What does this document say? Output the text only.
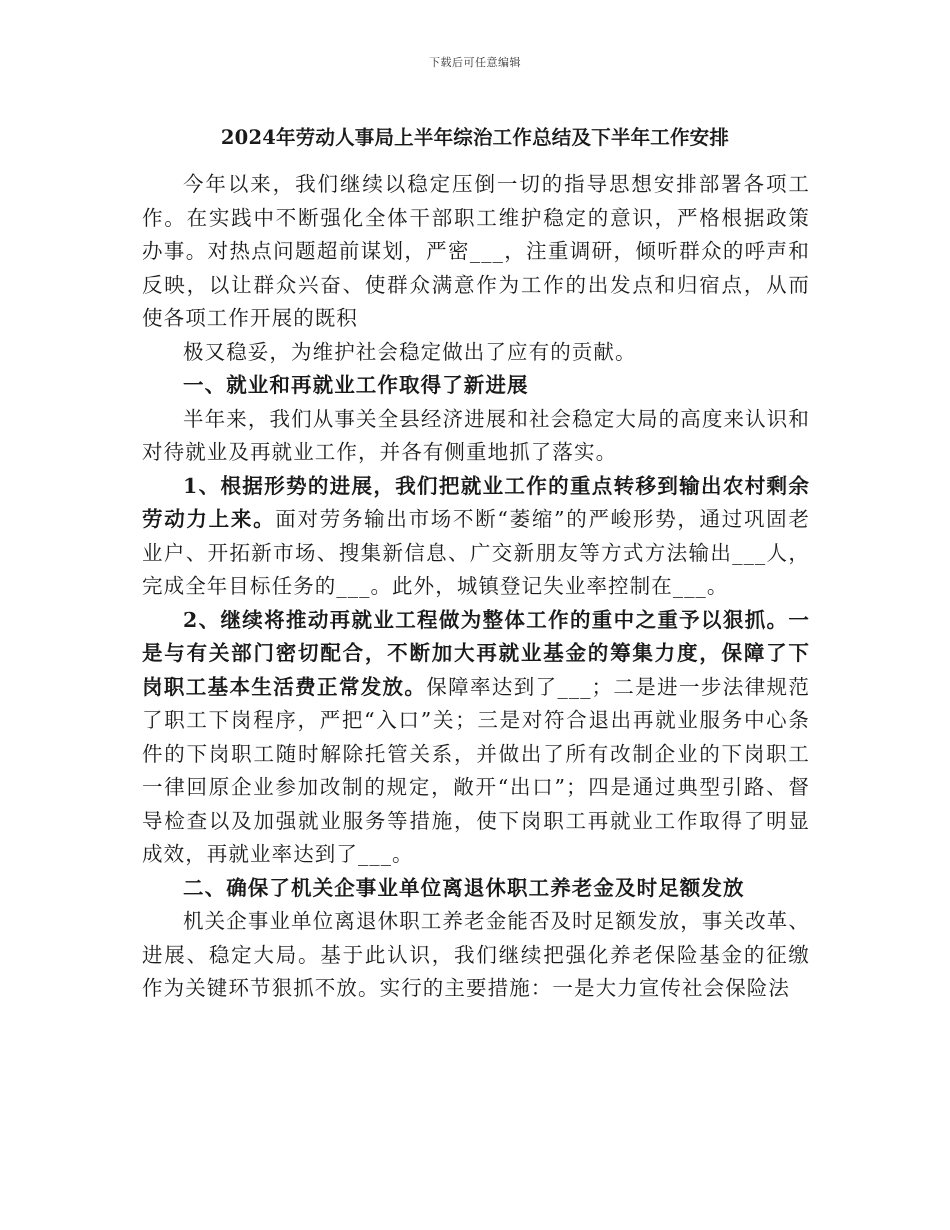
下载后可任意编辑
2024年劳动人事局上半年综治工作总结及下半年工作安排

今年以来，我们继续以稳定压倒一切的指导思想安排部署各项工作。在实践中不断强化全体干部职工维护稳定的意识，严格根据政策办事。对热点问题超前谋划，严密___，注重调研，倾听群众的呼声和反映，以让群众兴奋、使群众满意作为工作的出发点和归宿点，从而使各项工作开展的既积

极又稳妥，为维护社会稳定做出了应有的贡献。

一、就业和再就业工作取得了新进展

半年来，我们从事关全县经济进展和社会稳定大局的高度来认识和对待就业及再就业工作，并各有侧重地抓了落实。

1、根据形势的进展，我们把就业工作的重点转移到输出农村剩余劳动力上来。面对劳务输出市场不断“萎缩”的严峻形势，通过巩固老业户、开拓新市场、搜集新信息、广交新朋友等方式方法输出___人，完成全年目标任务的___。此外，城镇登记失业率控制在___。

2、继续将推动再就业工程做为整体工作的重中之重予以狠抓。一是与有关部门密切配合，不断加大再就业基金的筹集力度，保障了下岗职工基本生活费正常发放。保障率达到了___；二是进一步法律规范了职工下岗程序，严把“入口”关；三是对符合退出再就业服务中心条件的下岗职工随时解除托管关系，并做出了所有改制企业的下岗职工一律回原企业参加改制的规定，敞开“出口”；四是通过典型引路、督导检查以及加强就业服务等措施，使下岗职工再就业工作取得了明显成效，再就业率达到了___。

二、确保了机关企事业单位离退休职工养老金及时足额发放

机关企事业单位离退休职工养老金能否及时足额发放，事关改革、进展、稳定大局。基于此认识，我们继续把强化养老保险基金的征缴作为关键环节狠抓不放。实行的主要措施：一是大力宣传社会保险法
